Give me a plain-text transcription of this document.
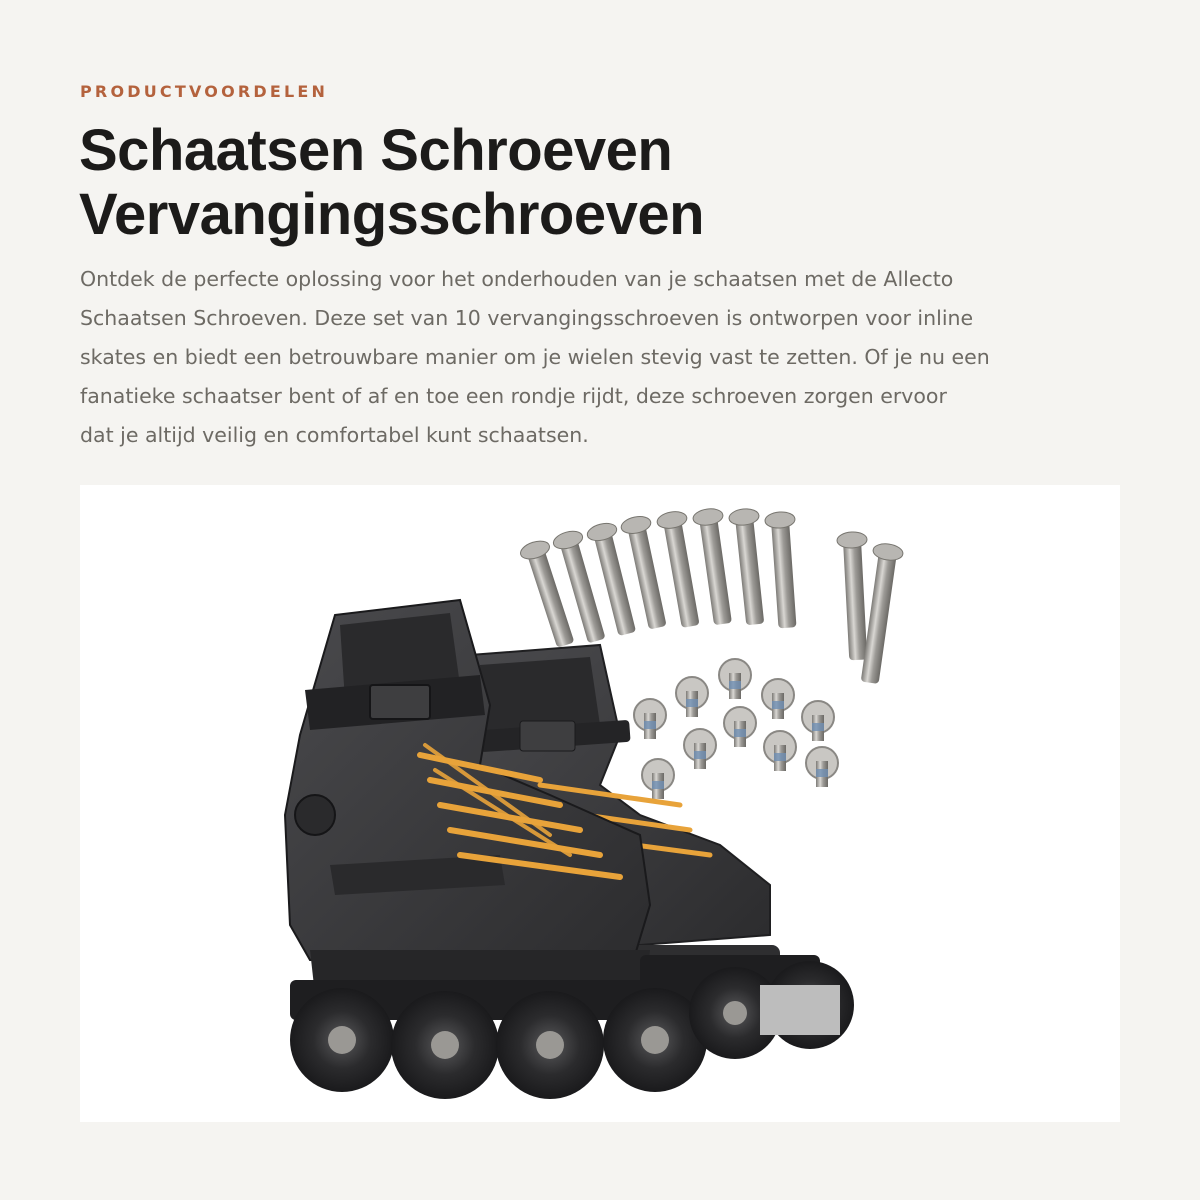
PRODUCTVOORDELEN

Schaatsen Schroeven
Vervangingsschroeven

Ontdek de perfecte oplossing voor het onderhouden van je schaatsen met de Allecto
Schaatsen Schroeven. Deze set van 10 vervangingsschroeven is ontworpen voor inline
skates en biedt een betrouwbare manier om je wielen stevig vast te zetten. Of je nu een
fanatieke schaatser bent of af en toe een rondje rijdt, deze schroeven zorgen ervoor
dat je altijd veilig en comfortabel kunt schaatsen.
